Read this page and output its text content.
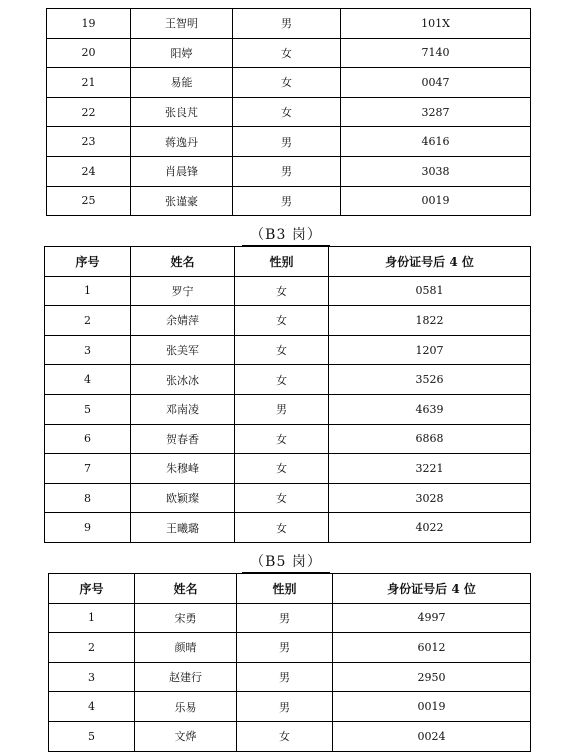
19	王智明	男	101X
20	阳婷	女	7140
21	易能	女	0047
22	张良芃	女	3287
23	蒋逸丹	男	4616
24	肖晨锋	男	3038
25	张谨豪	男	0019
（B3 岗）
序号	姓名	性别	身份证号后 4 位
1	罗宁	女	0581
2	余婧萍	女	1822
3	张美军	女	1207
4	张冰冰	女	3526
5	邓南凌	男	4639
6	贺春香	女	6868
7	朱穆峰	女	3221
8	欧颖璨	女	3028
9	王曦璐	女	4022
（B5 岗）
序号	姓名	性别	身份证号后 4 位
1	宋勇	男	4997
2	颜晴	男	6012
3	赵建行	男	2950
4	乐易	男	0019
5	文烨	女	0024
